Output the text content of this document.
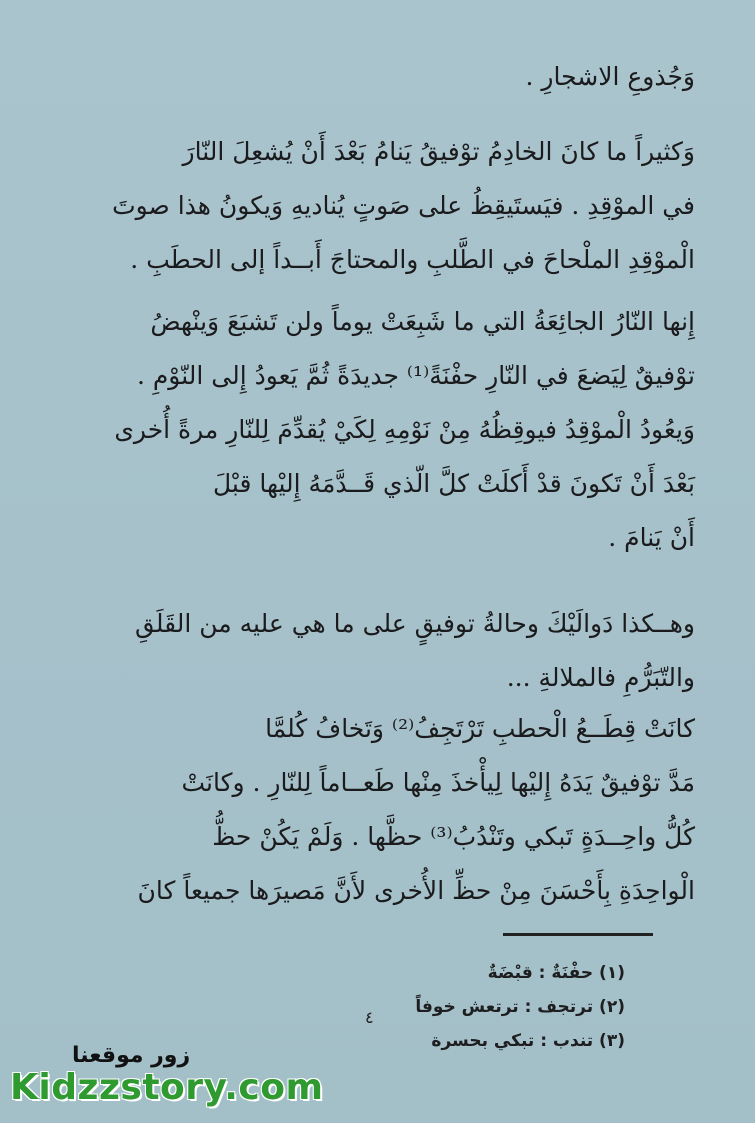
وَجُذوعِ الاشجارِ .
وَكثيراً ما كانَ الخادِمُ توْفيقُ يَنامُ بَعْدَ أَنْ يُشعِلَ النّارَ
في الموْقِدِ . فيَستَيقِظُ على صَوتٍ يُناديهِ وَيكونُ هذا صوتَ
الْموْقِدِ الملْحاحَ في الطَّلبِ والمحتاجَ أَبــداً إلى الحطَبِ .
إِنها النّارُ الجائِعَةُ التي ما شَبِعَتْ يوماً ولن تَشبَعَ وَينْهضُ
توْفيقٌ لِيَضعَ في النّارِ حفْنَةً⁽¹⁾ جديدَةً ثُمَّ يَعودُ إِلى النّوْمِ .
وَيعُودُ الْموْقِدُ فيوقِظُهُ مِنْ نَوْمِهِ لِكَيْ يُقدِّمَ لِلنّارِ مرةً أُخرى
بَعْدَ أَنْ تَكونَ قدْ أَكلَتْ كلَّ الّذي قَــدَّمَهُ إِليْها قبْلَ
أَنْ يَنامَ .
وهــكذا دَوالَيْكَ وحالةُ توفيقٍ على ما هي عليه من القَلَقِ
والتّبَرُّمِ فالملالةِ ...
كانَتْ قِطَــعُ الْحطبِ تَرْتَجِفُ⁽²⁾ وَتَخافُ كُلمَّا
مَدَّ توْفيقٌ يَدَهُ إِليْها لِيأْخذَ مِنْها طَعــاماً لِلنّارِ . وكانَتْ
كُلُّ واحِــدَةٍ تَبكي وتَنْدُبُ⁽³⁾ حظَّها . وَلَمْ يَكُنْ حظُّ
الْواحِدَةِ بِأَحْسَنَ مِنْ حظِّ الأُخرى لأَنَّ مَصيرَها جميعاً كانَ
(١) حفْنَةٌ : قبْضَةٌ
(٢) ترتجف : ترتعش خوفاً
(٣) تندب : تبكي بحسرة
٤
زور موقعنا
Kidzzstory.com
